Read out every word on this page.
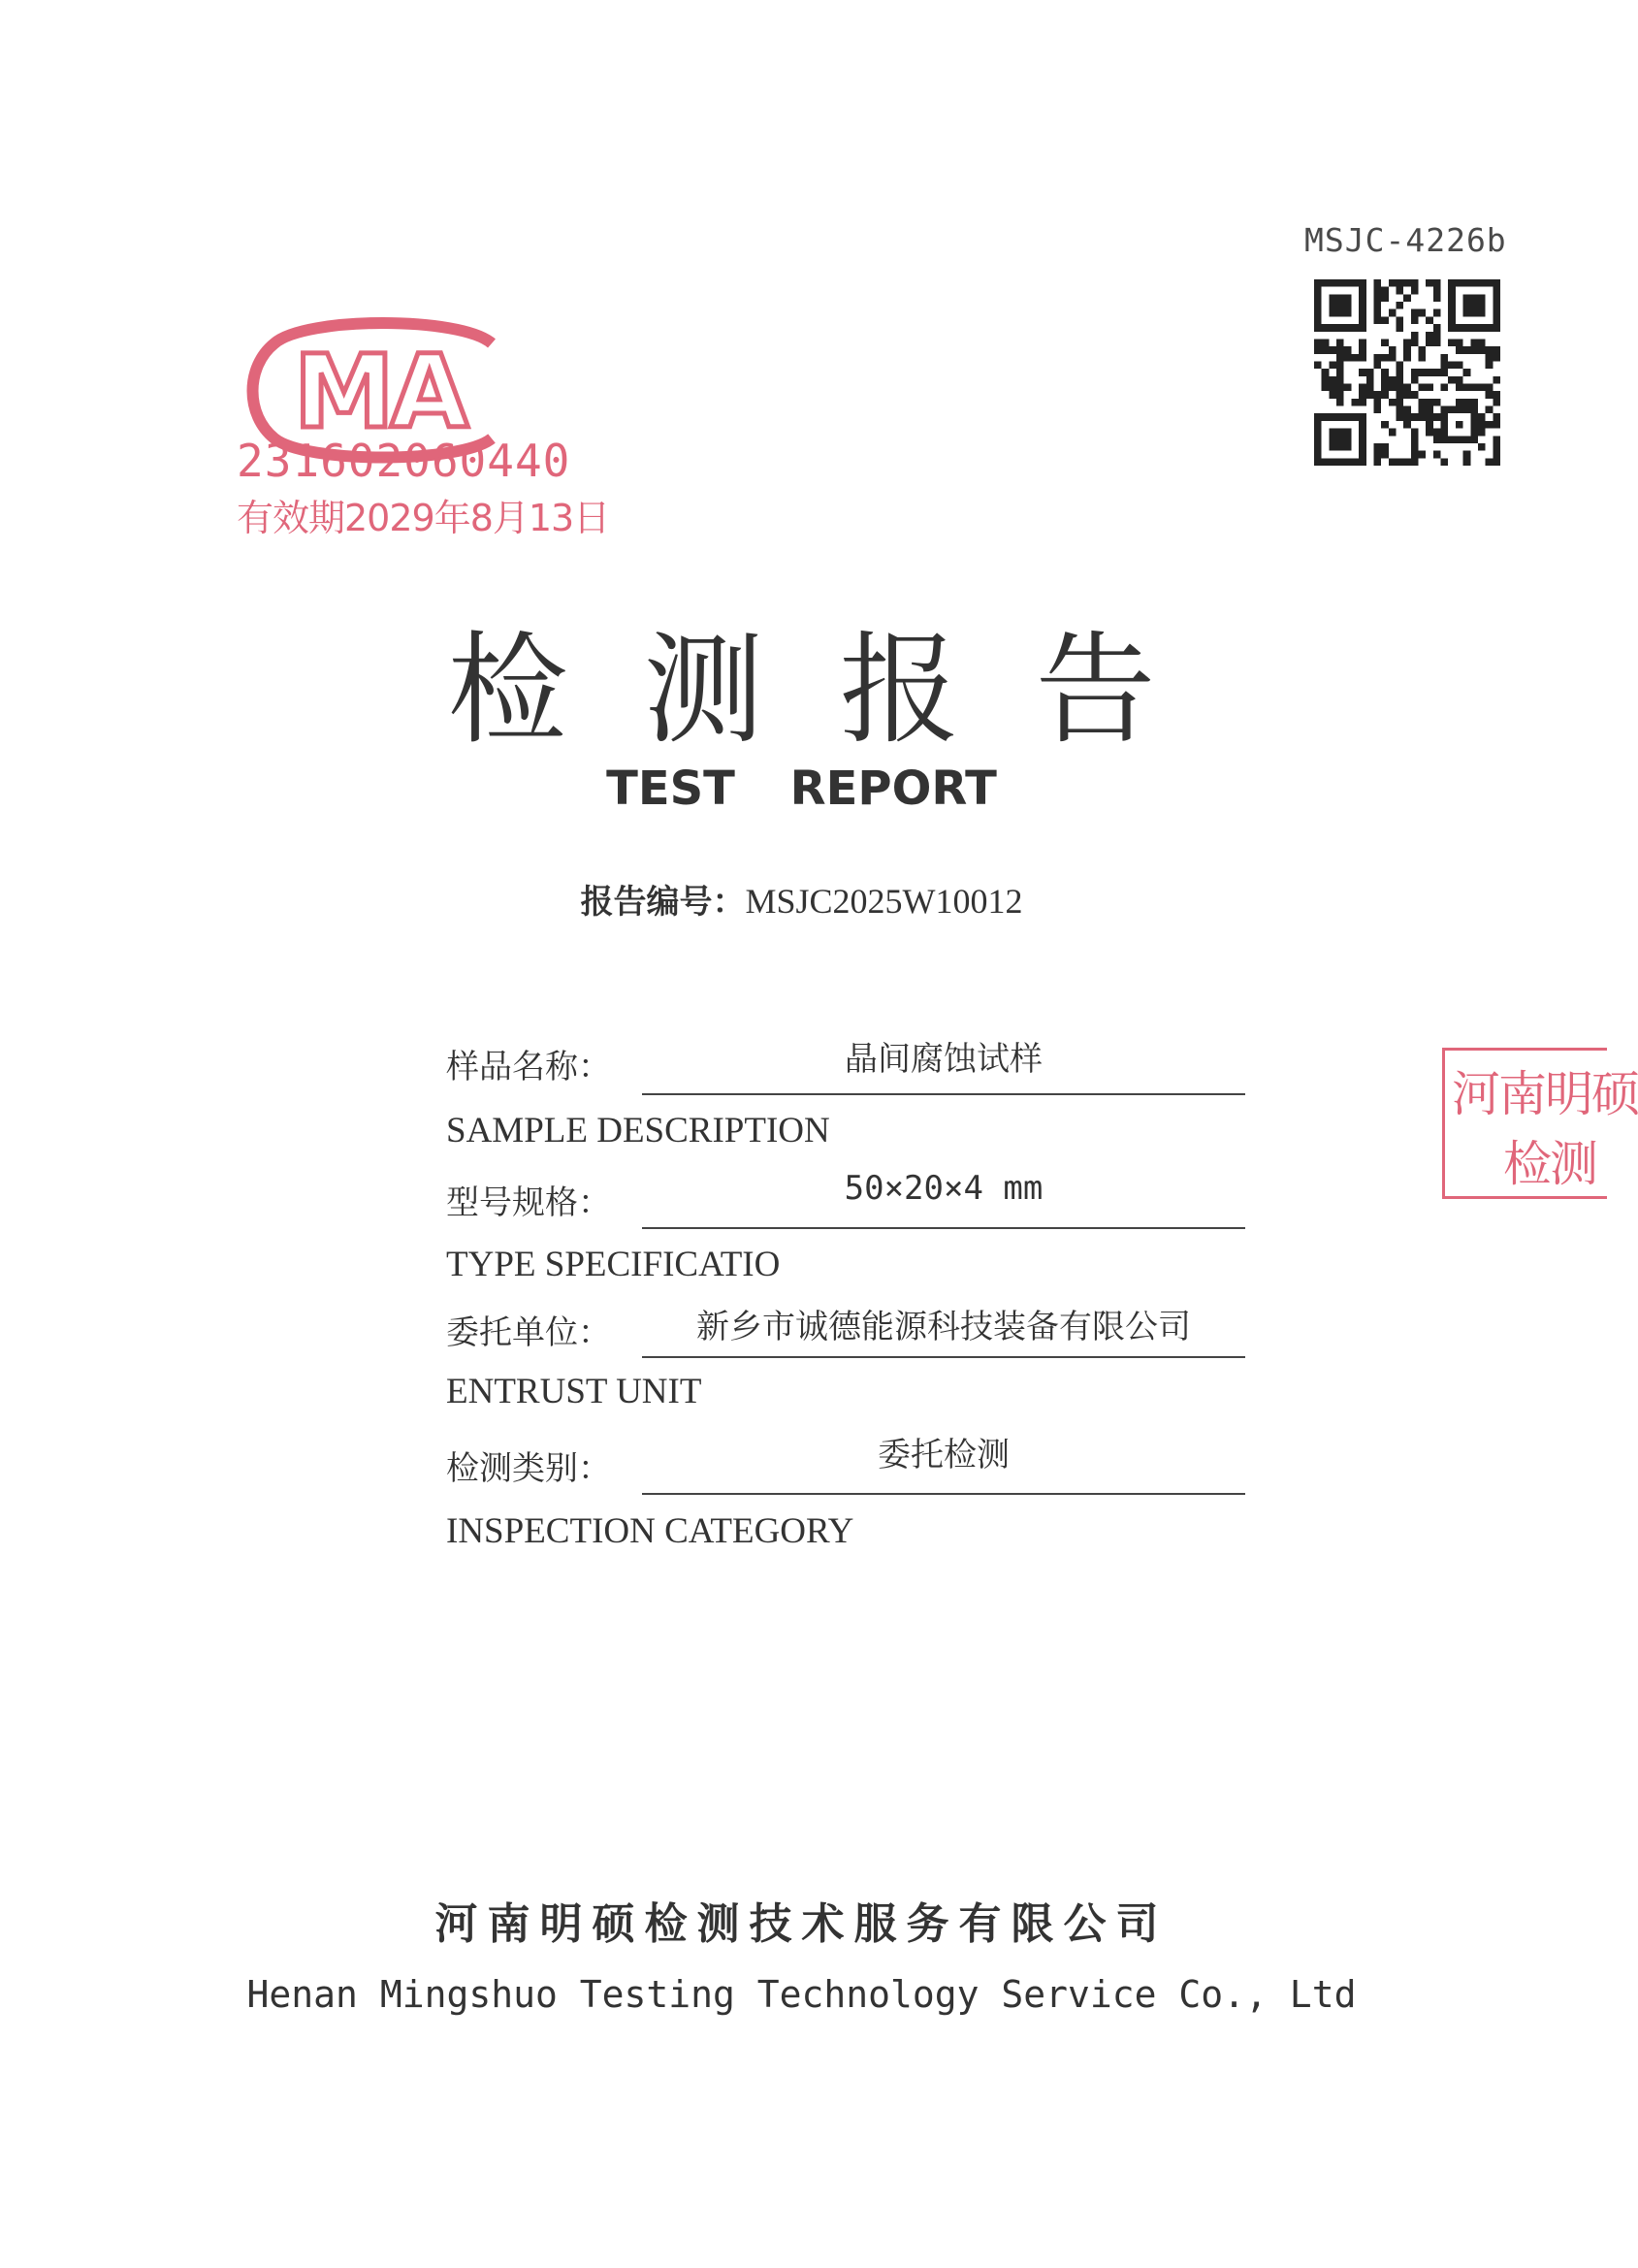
MSJC-4226b
MA
231602060440
有效期2029年8月13日
检测报告
TEST REPORT
报告编号：MSJC2025W10012
样品名称：	晶间腐蚀试样
SAMPLE DESCRIPTION
型号规格：	50×20×4 mm
TYPE SPECIFICATIO
委托单位：	新乡市诚德能源科技装备有限公司
ENTRUST UNIT
检测类别：	委托检测
INSPECTION CATEGORY
河南明硕
检测
河南明硕检测技术服务有限公司
Henan Mingshuo Testing Technology Service Co., Ltd
